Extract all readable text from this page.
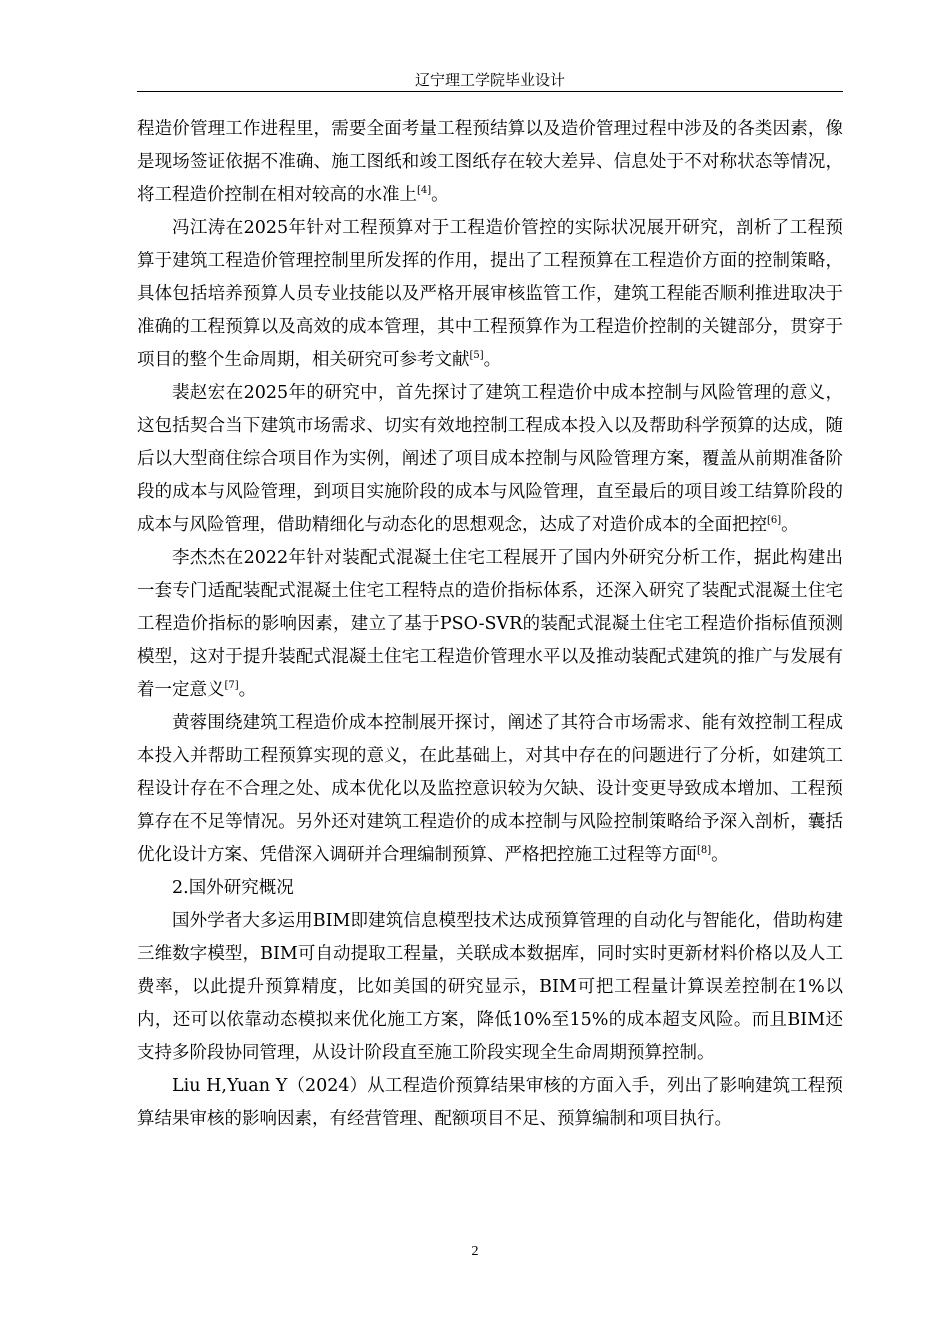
辽宁理工学院毕业设计

程造价管理工作进程里，需要全面考量工程预结算以及造价管理过程中涉及的各类因素，像是现场签证依据不准确、施工图纸和竣工图纸存在较大差异、信息处于不对称状态等情况，将工程造价控制在相对较高的水准上[4]。

冯江涛在2025年针对工程预算对于工程造价管控的实际状况展开研究，剖析了工程预算于建筑工程造价管理控制里所发挥的作用，提出了工程预算在工程造价方面的控制策略，具体包括培养预算人员专业技能以及严格开展审核监管工作，建筑工程能否顺利推进取决于准确的工程预算以及高效的成本管理，其中工程预算作为工程造价控制的关键部分，贯穿于项目的整个生命周期，相关研究可参考文献[5]。

裴赵宏在2025年的研究中，首先探讨了建筑工程造价中成本控制与风险管理的意义，这包括契合当下建筑市场需求、切实有效地控制工程成本投入以及帮助科学预算的达成，随后以大型商住综合项目作为实例，阐述了项目成本控制与风险管理方案，覆盖从前期准备阶段的成本与风险管理，到项目实施阶段的成本与风险管理，直至最后的项目竣工结算阶段的成本与风险管理，借助精细化与动态化的思想观念，达成了对造价成本的全面把控[6]。

李杰杰在2022年针对装配式混凝土住宅工程展开了国内外研究分析工作，据此构建出一套专门适配装配式混凝土住宅工程特点的造价指标体系，还深入研究了装配式混凝土住宅工程造价指标的影响因素，建立了基于PSO-SVR的装配式混凝土住宅工程造价指标值预测模型，这对于提升装配式混凝土住宅工程造价管理水平以及推动装配式建筑的推广与发展有着一定意义[7]。

黄蓉围绕建筑工程造价成本控制展开探讨，阐述了其符合市场需求、能有效控制工程成本投入并帮助工程预算实现的意义，在此基础上，对其中存在的问题进行了分析，如建筑工程设计存在不合理之处、成本优化以及监控意识较为欠缺、设计变更导致成本增加、工程预算存在不足等情况。另外还对建筑工程造价的成本控制与风险控制策略给予深入剖析，囊括优化设计方案、凭借深入调研并合理编制预算、严格把控施工过程等方面[8]。

2.国外研究概况

国外学者大多运用BIM即建筑信息模型技术达成预算管理的自动化与智能化，借助构建三维数字模型，BIM可自动提取工程量，关联成本数据库，同时实时更新材料价格以及人工费率，以此提升预算精度，比如美国的研究显示，BIM可把工程量计算误差控制在1%以内，还可以依靠动态模拟来优化施工方案，降低10%至15%的成本超支风险。而且BIM还支持多阶段协同管理，从设计阶段直至施工阶段实现全生命周期预算控制。

Liu H,Yuan Y（2024）从工程造价预算结果审核的方面入手，列出了影响建筑工程预算结果审核的影响因素，有经营管理、配额项目不足、预算编制和项目执行。

2
